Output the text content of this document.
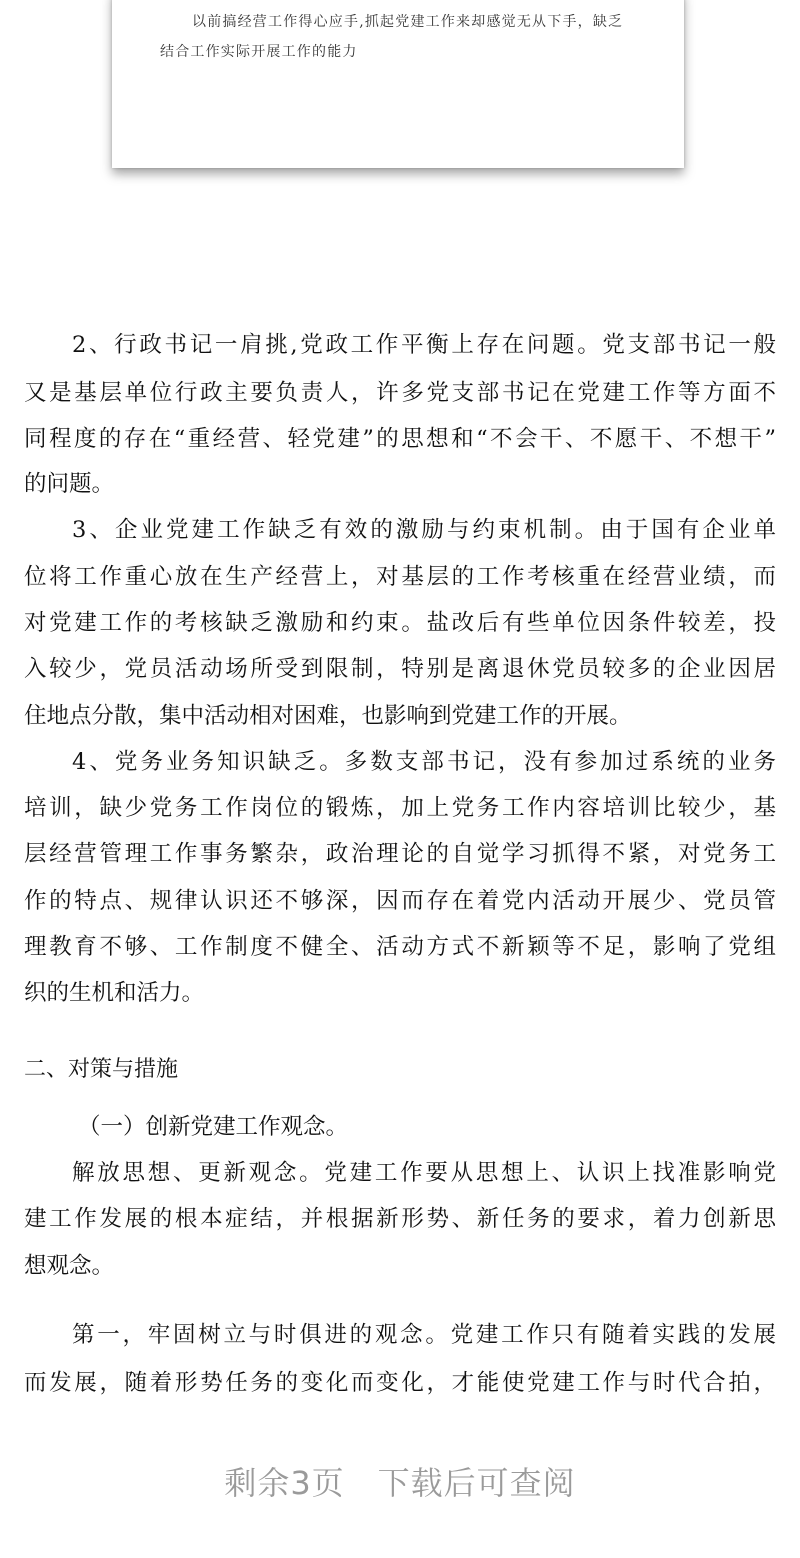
以前搞经营工作得心应手,抓起党建工作来却感觉无从下手，缺乏
结合工作实际开展工作的能力
2、行政书记一肩挑,党政工作平衡上存在问题。党支部书记一般
又是基层单位行政主要负责人，许多党支部书记在党建工作等方面不
同程度的存在“重经营、轻党建”的思想和“不会干、不愿干、不想干”
的问题。
3、企业党建工作缺乏有效的激励与约束机制。由于国有企业单
位将工作重心放在生产经营上，对基层的工作考核重在经营业绩，而
对党建工作的考核缺乏激励和约束。盐改后有些单位因条件较差，投
入较少，党员活动场所受到限制，特别是离退休党员较多的企业因居
住地点分散，集中活动相对困难，也影响到党建工作的开展。
4、党务业务知识缺乏。多数支部书记，没有参加过系统的业务
培训，缺少党务工作岗位的锻炼，加上党务工作内容培训比较少，基
层经营管理工作事务繁杂，政治理论的自觉学习抓得不紧，对党务工
作的特点、规律认识还不够深，因而存在着党内活动开展少、党员管
理教育不够、工作制度不健全、活动方式不新颖等不足，影响了党组
织的生机和活力。
二、对策与措施
（一）创新党建工作观念。
解放思想、更新观念。党建工作要从思想上、认识上找准影响党
建工作发展的根本症结，并根据新形势、新任务的要求，着力创新思
想观念。
第一，牢固树立与时俱进的观念。党建工作只有随着实践的发展
而发展，随着形势任务的变化而变化，才能使党建工作与时代合拍，
剩余3页　下载后可查阅
